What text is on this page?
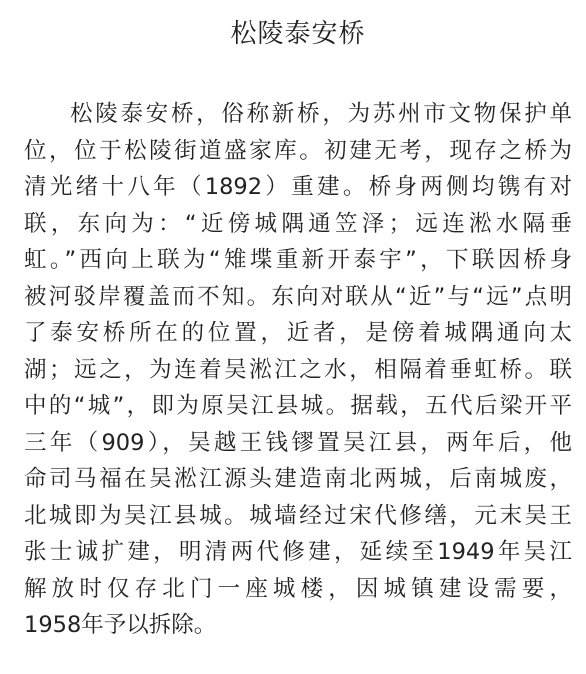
松陵泰安桥
松陵泰安桥，俗称新桥，为苏州市文物保护单
位，位于松陵街道盛家库。初建无考，现存之桥为
清光绪十八年（1892）重建。桥身两侧均镌有对
联，东向为：“近傍城隅通笠泽；远连淞水隔垂
虹。”西向上联为“雉堞重新开泰宇”，下联因桥身
被河驳岸覆盖而不知。东向对联从“近”与“远”点明
了泰安桥所在的位置，近者，是傍着城隅通向太
湖；远之，为连着吴淞江之水，相隔着垂虹桥。联
中的“城”，即为原吴江县城。据载，五代后梁开平
三年（909），吴越王钱镠置吴江县，两年后，他
命司马福在吴淞江源头建造南北两城，后南城废，
北城即为吴江县城。城墙经过宋代修缮，元末吴王
张士诚扩建，明清两代修建，延续至1949年吴江
解放时仅存北门一座城楼，因城镇建设需要，
1958年予以拆除。
